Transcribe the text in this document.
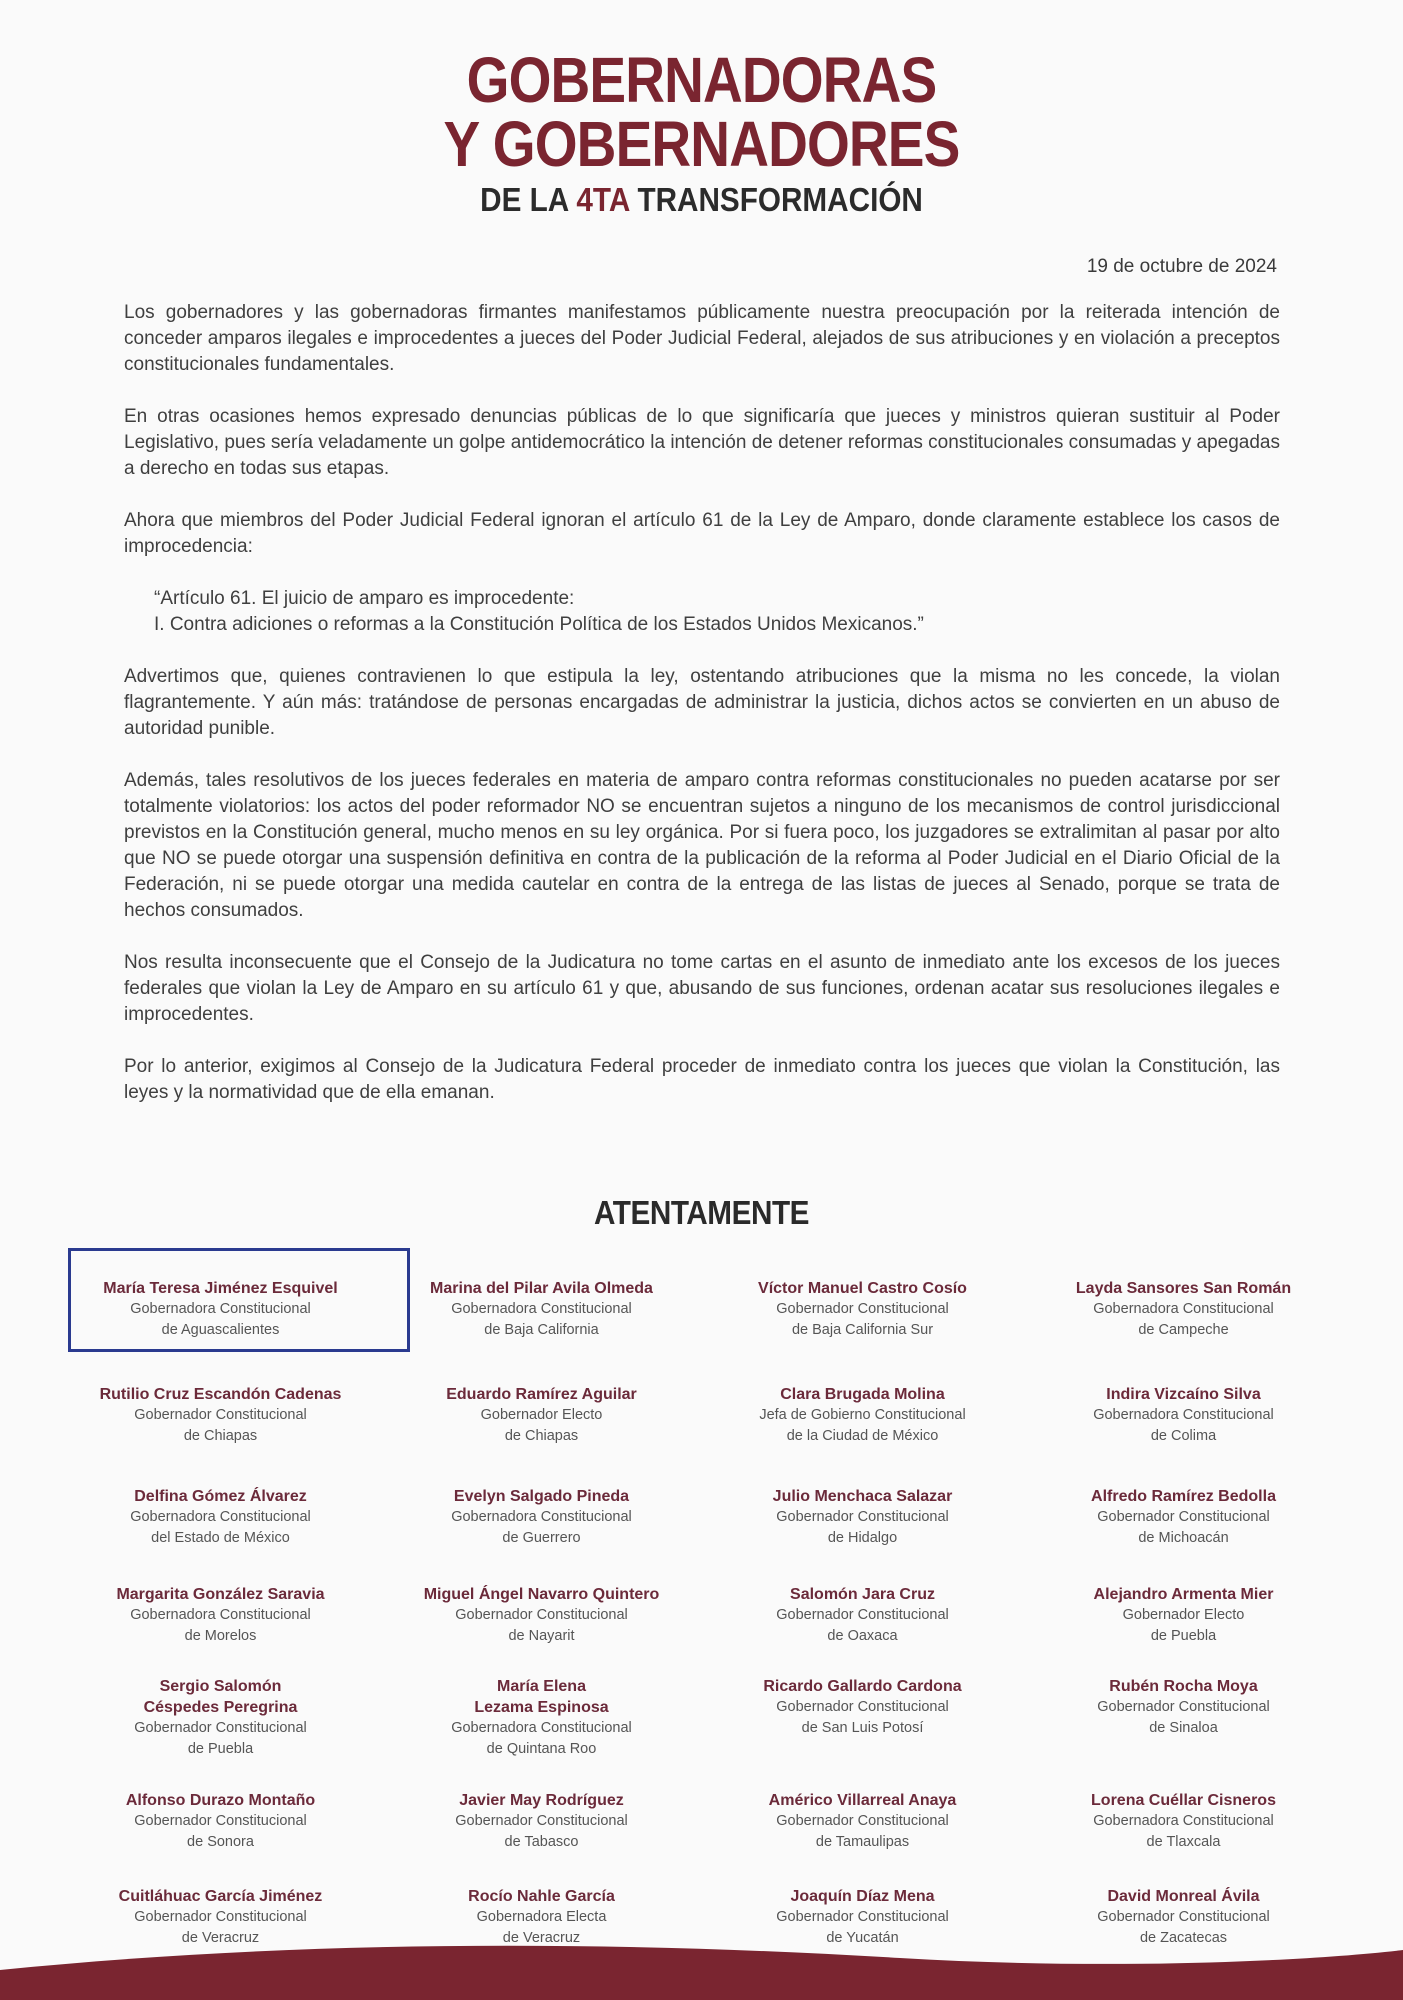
GOBERNADORAS
Y GOBERNADORES
DE LA 4TA TRANSFORMACIÓN
19 de octubre de 2024

Los gobernadores y las gobernadoras firmantes manifestamos públicamente nuestra preocupación por la reiterada intención de conceder amparos ilegales e improcedentes a jueces del Poder Judicial Federal, alejados de sus atribuciones y en violación a preceptos constitucionales fundamentales.

En otras ocasiones hemos expresado denuncias públicas de lo que significaría que jueces y ministros quieran sustituir al Poder Legislativo, pues sería veladamente un golpe antidemocrático la intención de detener reformas constitucionales consumadas y apegadas a derecho en todas sus etapas.

Ahora que miembros del Poder Judicial Federal ignoran el artículo 61 de la Ley de Amparo, donde claramente establece los casos de improcedencia:

“Artículo 61. El juicio de amparo es improcedente:
I. Contra adiciones o reformas a la Constitución Política de los Estados Unidos Mexicanos.”

Advertimos que, quienes contravienen lo que estipula la ley, ostentando atribuciones que la misma no les concede, la violan flagrantemente. Y aún más: tratándose de personas encargadas de administrar la justicia, dichos actos se convierten en un abuso de autoridad punible.

Además, tales resolutivos de los jueces federales en materia de amparo contra reformas constitucionales no pueden acatarse por ser totalmente violatorios: los actos del poder reformador NO se encuentran sujetos a ninguno de los mecanismos de control jurisdiccional previstos en la Constitución general, mucho menos en su ley orgánica. Por si fuera poco, los juzgadores se extralimitan al pasar por alto que NO se puede otorgar una suspensión definitiva en contra de la publicación de la reforma al Poder Judicial en el Diario Oficial de la Federación, ni se puede otorgar una medida cautelar en contra de la entrega de las listas de jueces al Senado, porque se trata de hechos consumados.

Nos resulta inconsecuente que el Consejo de la Judicatura no tome cartas en el asunto de inmediato ante los excesos de los jueces federales que violan la Ley de Amparo en su artículo 61 y que, abusando de sus funciones, ordenan acatar sus resoluciones ilegales e improcedentes.

Por lo anterior, exigimos al Consejo de la Judicatura Federal proceder de inmediato contra los jueces que violan la Constitución, las leyes y la normatividad que de ella emanan.

ATENTAMENTE
María Teresa Jiménez Esquivel
Gobernadora Constitucional
de Aguascalientes
Marina del Pilar Avila Olmeda
Gobernadora Constitucional
de Baja California
Víctor Manuel Castro Cosío
Gobernador Constitucional
de Baja California Sur
Layda Sansores San Román
Gobernadora Constitucional
de Campeche
Rutilio Cruz Escandón Cadenas
Gobernador Constitucional
de Chiapas
Eduardo Ramírez Aguilar
Gobernador Electo
de Chiapas
Clara Brugada Molina
Jefa de Gobierno Constitucional
de la Ciudad de México
Indira Vizcaíno Silva
Gobernadora Constitucional
de Colima
Delfina Gómez Álvarez
Gobernadora Constitucional
del Estado de México
Evelyn Salgado Pineda
Gobernadora Constitucional
de Guerrero
Julio Menchaca Salazar
Gobernador Constitucional
de Hidalgo
Alfredo Ramírez Bedolla
Gobernador Constitucional
de Michoacán
Margarita González Saravia
Gobernadora Constitucional
de Morelos
Miguel Ángel Navarro Quintero
Gobernador Constitucional
de Nayarit
Salomón Jara Cruz
Gobernador Constitucional
de Oaxaca
Alejandro Armenta Mier
Gobernador Electo
de Puebla
Sergio Salomón
Céspedes Peregrina
Gobernador Constitucional
de Puebla
María Elena
Lezama Espinosa
Gobernadora Constitucional
de Quintana Roo
Ricardo Gallardo Cardona
Gobernador Constitucional
de San Luis Potosí
Rubén Rocha Moya
Gobernador Constitucional
de Sinaloa
Alfonso Durazo Montaño
Gobernador Constitucional
de Sonora
Javier May Rodríguez
Gobernador Constitucional
de Tabasco
Américo Villarreal Anaya
Gobernador Constitucional
de Tamaulipas
Lorena Cuéllar Cisneros
Gobernadora Constitucional
de Tlaxcala
Cuitláhuac García Jiménez
Gobernador Constitucional
de Veracruz
Rocío Nahle García
Gobernadora Electa
de Veracruz
Joaquín Díaz Mena
Gobernador Constitucional
de Yucatán
David Monreal Ávila
Gobernador Constitucional
de Zacatecas
